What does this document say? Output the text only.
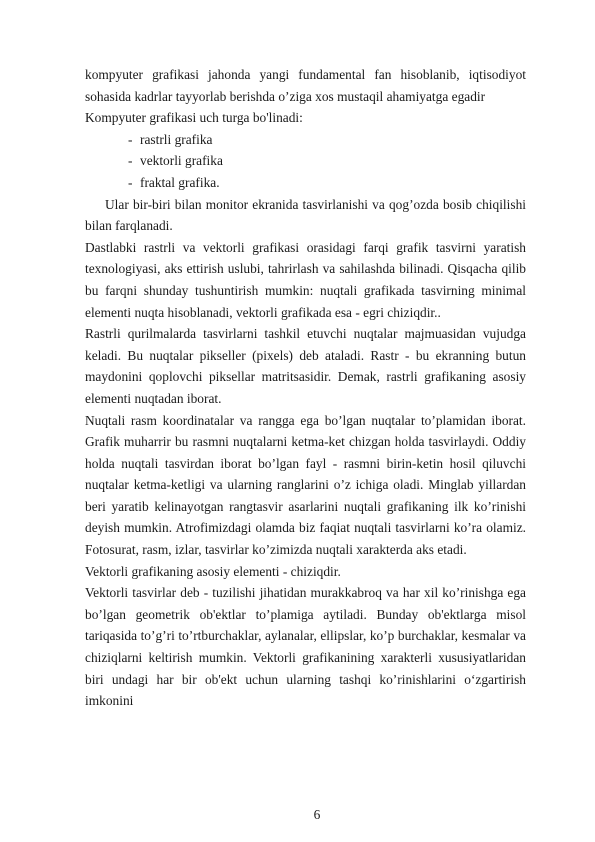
kompyuter grafikasi jahonda yangi fundamental fan hisoblanib, iqtisodiyot sohasida kadrlar tayyorlab berishda o’ziga xos mustaqil ahamiyatga egadir

Kompyuter grafikasi uch turga bo'linadi:

- rastrli grafika
- vektorli grafika
- fraktal grafika.

Ular bir-biri bilan monitor ekranida tasvirlanishi va qog’ozda bosib chiqilishi bilan farqlanadi.

Dastlabki rastrli va vektorli grafikasi orasidagi farqi grafik tasvirni yaratish texnologiyasi, aks ettirish uslubi, tahrirlash va sahilashda bilinadi. Qisqacha qilib bu farqni shunday tushuntirish mumkin: nuqtali grafikada tasvirning minimal elementi nuqta hisoblanadi, vektorli grafikada esa - egri chiziqdir..

Rastrli qurilmalarda tasvirlarni tashkil etuvchi nuqtalar majmuasidan vujudga keladi. Bu nuqtalar pikseller (pixels) deb ataladi. Rastr - bu ekranning butun maydonini qoplovchi piksellar matritsasidir. Demak, rastrli grafikaning asosiy elementi nuqtadan iborat.

Nuqtali rasm koordinatalar va rangga ega bo’lgan nuqtalar to’plamidan iborat. Grafik muharrir bu rasmni nuqtalarni ketma-ket chizgan holda tasvirlaydi. Oddiy holda nuqtali tasvirdan iborat bo’lgan fayl - rasmni birin-ketin hosil qiluvchi nuqtalar ketma-ketligi va ularning ranglarini o’z ichiga oladi. Minglab yillardan beri yaratib kelinayotgan rangtasvir asarlarini nuqtali grafikaning ilk ko’rinishi deyish mumkin. Atrofimizdagi olamda biz faqiat nuqtali tasvirlarni ko’ra olamiz. Fotosurat, rasm, izlar, tasvirlar ko’zimizda nuqtali xarakterda aks etadi.

Vektorli grafikaning asosiy elementi - chiziqdir.

Vektorli tasvirlar deb - tuzilishi jihatidan murakkabroq va har xil ko’rinishga ega bo’lgan geometrik ob'ektlar to’plamiga aytiladi. Bunday ob'ektlarga misol tariqasida to’g’ri to’rtburchaklar, aylanalar, ellipslar, ko’p burchaklar, kesmalar va chiziqlarni keltirish mumkin. Vektorli grafikanining xarakterli xususiyatlaridan biri undagi har bir ob'ekt uchun ularning tashqi ko’rinishlarini o‘zgartirish imkonini

6
